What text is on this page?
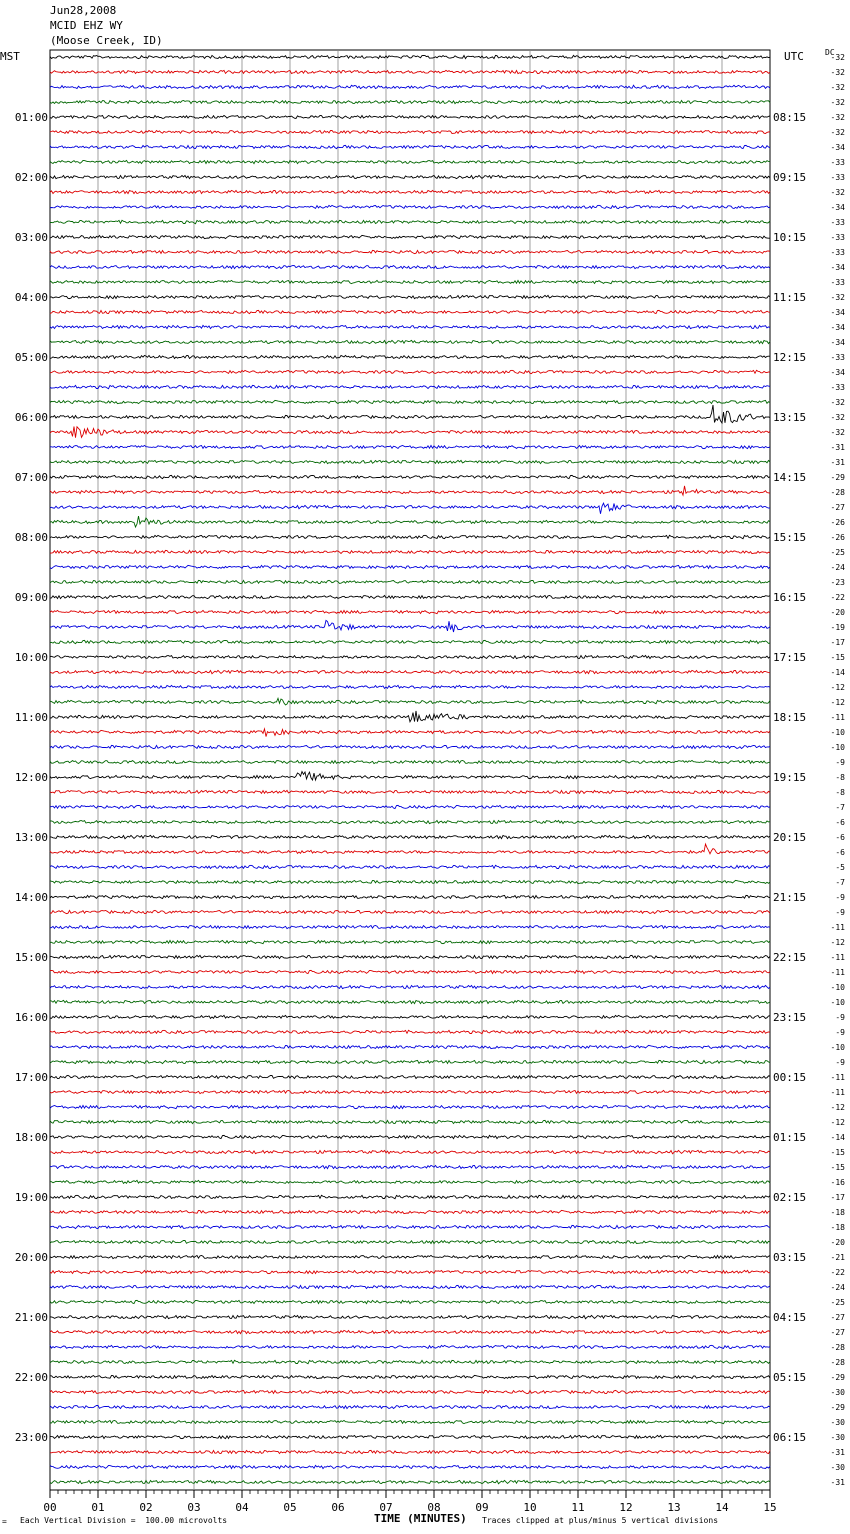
Jun28,2008
MCID EHZ WY
(Moose Creek, ID)
MST	UTC	DC
00	01	02	03	04	05	06	07	08	09	10	11	12	13	14	15
-32
-32
-32
-32
-32
01:00	08:15
-32
-34
-33
-33
02:00	09:15
-32
-34
-33
-33
03:00	10:15
-33
-34
-33
-32
04:00	11:15
-34
-34
-34
-33
05:00	12:15
-34
-33
-32
-32
06:00	13:15
-32
-31
-31
-29
07:00	14:15
-28
-27
-26
-26
08:00	15:15
-25
-24
-23
-22
09:00	16:15
-20
-19
-17
-15
10:00	17:15
-14
-12
-12
-11
11:00	18:15
-10
-10
-9
-8
12:00	19:15
-8
-7
-6
-6
13:00	20:15
-6
-5
-7
-9
14:00	21:15
-9
-11
-12
-11
15:00	22:15
-11
-10
-10
-9
16:00	23:15
-9
-10
-9
-11
17:00	00:15
-11
-12
-12
-14
18:00	01:15
-15
-15
-16
-17
19:00	02:15
-18
-18
-20
-21
20:00	03:15
-22
-24
-25
-27
21:00	04:15
-27
-28
-28
-29
22:00	05:15
-30
-29
-30
-30
23:00	06:15
-31
-30
-31
= Each Vertical Division =  100.00 microvolts	TIME (MINUTES) Traces clipped at plus/minus 5 vertical divisions
